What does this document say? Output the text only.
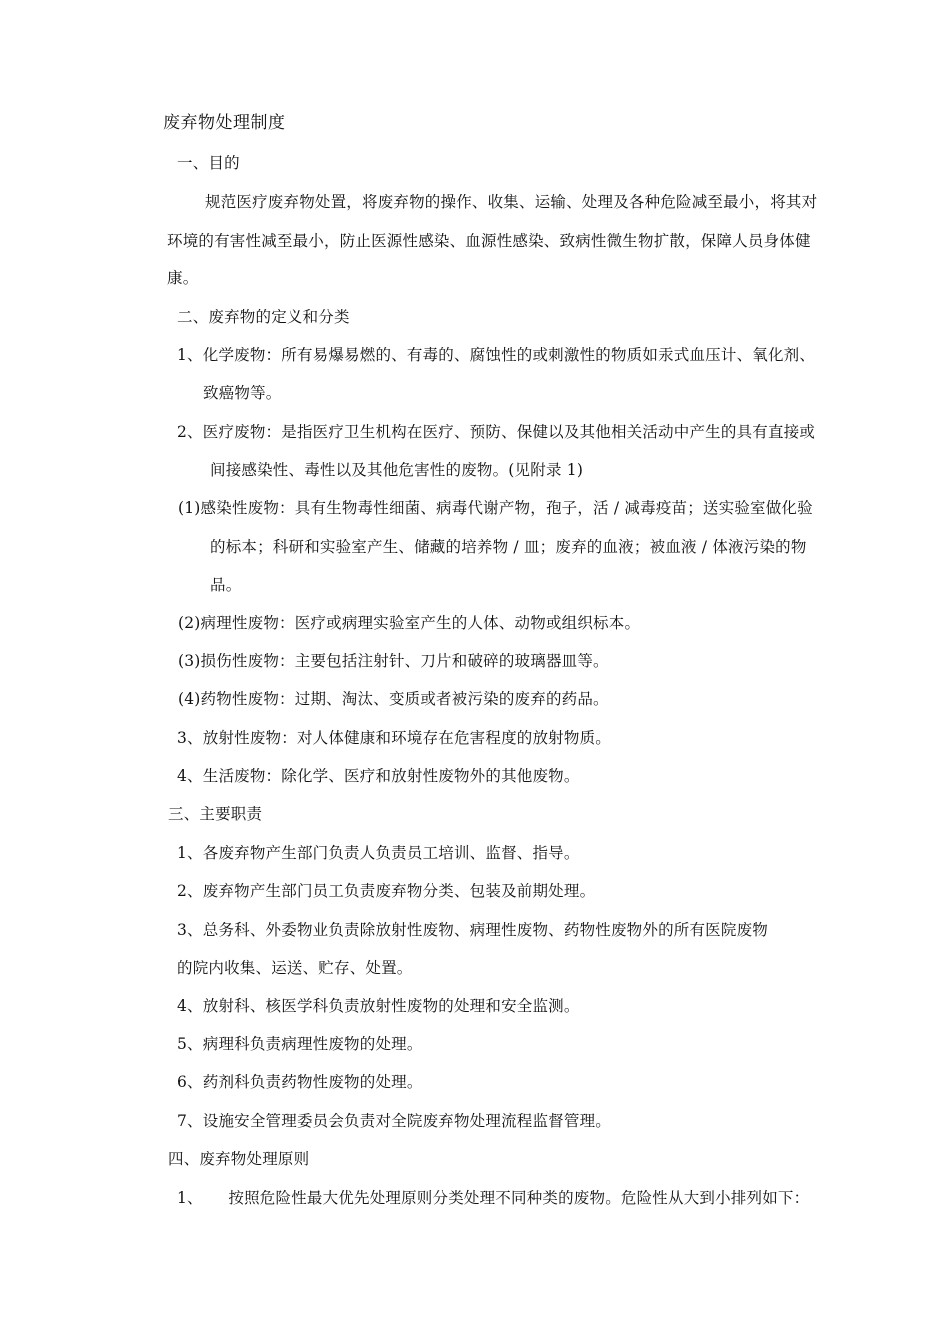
废弃物处理制度
一、目的
规范医疗废弃物处置，将废弃物的操作、收集、运输、处理及各种危险减至最小，将其对
环境的有害性减至最小，防止医源性感染、血源性感染、致病性微生物扩散，保障人员身体健
康。
二、废弃物的定义和分类
1、化学废物：所有易爆易燃的、有毒的、腐蚀性的或刺激性的物质如汞式血压计、氧化剂、
致癌物等。
2、医疗废物：是指医疗卫生机构在医疗、预防、保健以及其他相关活动中产生的具有直接或
间接感染性、毒性以及其他危害性的废物。(见附录 1)
(1)感染性废物：具有生物毒性细菌、病毒代谢产物，孢子，活 / 减毒疫苗；送实验室做化验
的标本；科研和实验室产生、储藏的培养物 / 皿；废弃的血液；被血液 / 体液污染的物
品。
(2)病理性废物：医疗或病理实验室产生的人体、动物或组织标本。
(3)损伤性废物：主要包括注射针、刀片和破碎的玻璃器皿等。
(4)药物性废物：过期、淘汰、变质或者被污染的废弃的药品。
3、放射性废物：对人体健康和环境存在危害程度的放射物质。
4、生活废物：除化学、医疗和放射性废物外的其他废物。
三、主要职责
1、各废弃物产生部门负责人负责员工培训、监督、指导。
2、废弃物产生部门员工负责废弃物分类、包装及前期处理。
3、总务科、外委物业负责除放射性废物、病理性废物、药物性废物外的所有医院废物
的院内收集、运送、贮存、处置。
4、放射科、核医学科负责放射性废物的处理和安全监测。
5、病理科负责病理性废物的处理。
6、药剂科负责药物性废物的处理。
7、设施安全管理委员会负责对全院废弃物处理流程监督管理。
四、废弃物处理原则
1、     按照危险性最大优先处理原则分类处理不同种类的废物。危险性从大到小排列如下：
